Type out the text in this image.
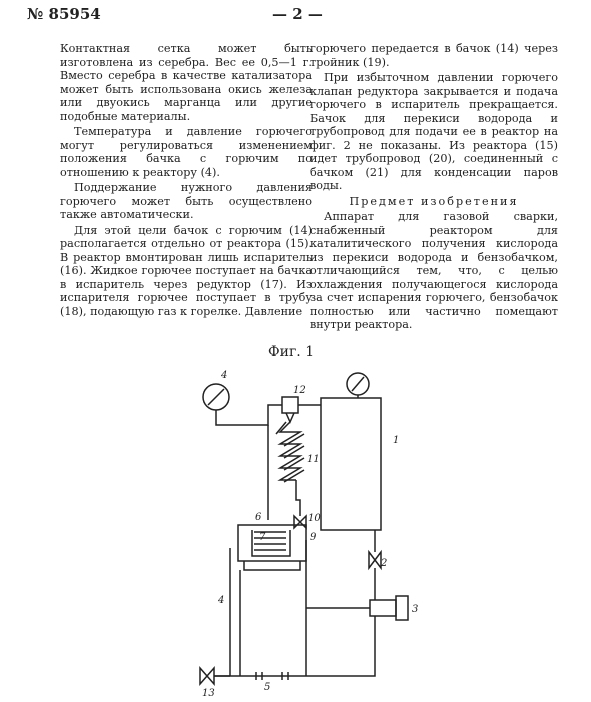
№ 85954	— 2 —

Контактная сетка может быть изготовлена из серебра. Вес ее 0,5—1 г. Вместо серебра в качестве катализатора может быть использована окись железа или двуокись марганца или другие подобные материалы.

Температура и давление горючего могут регулироваться изменением положения бачка с горючим по отношению к реактору (4).

Поддержание нужного давления горючего может быть осуществлено также автоматически.

Для этой цели бачок с горючим (14) располагается отдельно от реактора (15). В реактор вмонтирован лишь испаритель (16). Жидкое горючее поступает на бачка в испаритель через редуктор (17). Из испарителя горючее поступает в трубу (18), подающую газ к горелке. Давление

горючего передается в бачок (14) через тройник (19).

При избыточном давлении горючего клапан редуктора закрывается и подача горючего в испаритель прекращается. Бачок для перекиси водорода и трубопровод для подачи ее в реактор на фиг. 2 не показаны. Из реактора (15) идет трубопровод (20), соединенный с бачком (21) для конденсации паров воды.

Предмет изобретения

Аппарат для газовой сварки, снабженный реактором для каталитического получения кислорода из перекиси водорода и бензобачком, отличающийся тем, что, с целью охлаждения получающегося кислорода за счет испарения горючего, бензобачок полностью или частично помещают внутри реактора.

Фиг. 1
4
12
1
11
10
6
7	9
2
3
4
5
13
